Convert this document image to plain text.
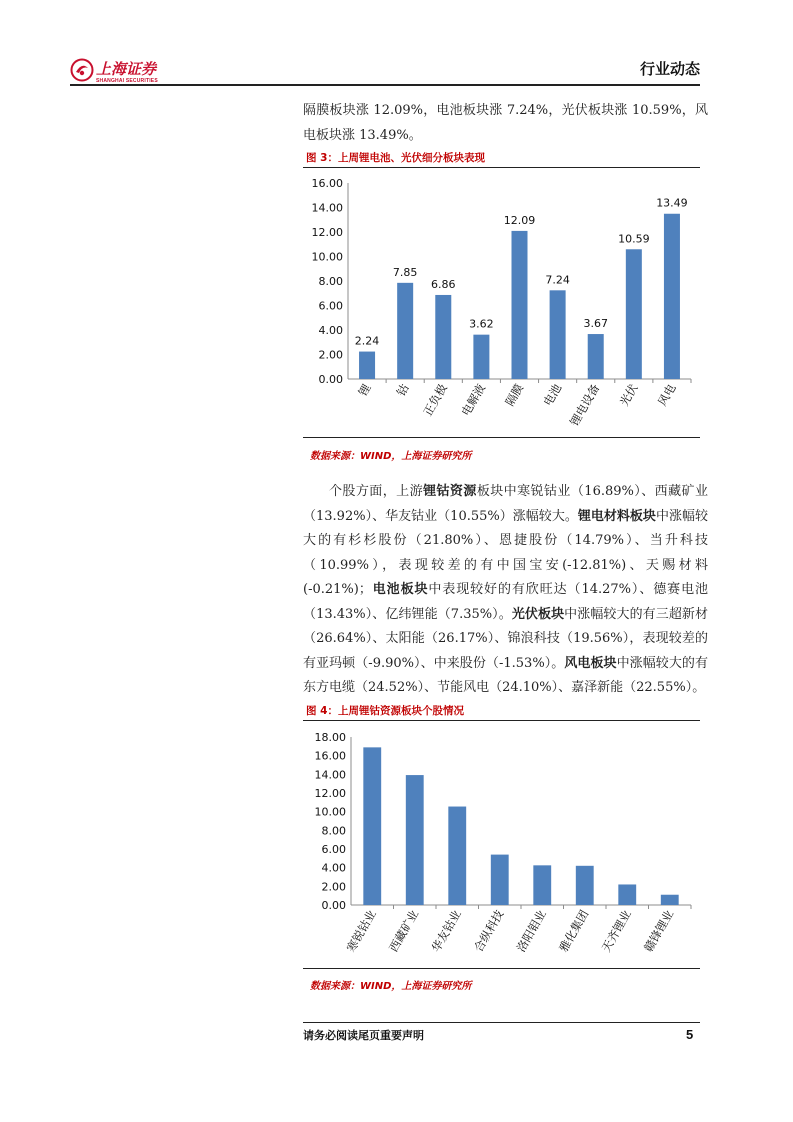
上海证券
SHANGHAI SECURITIES
行业动态
隔膜板块涨 12.09%，电池板块涨 7.24%，光伏板块涨 10.59%，风电板块涨 13.49%。
图 3：上周锂电池、光伏细分板块表现
0.00
2.00
4.00
6.00
8.00
10.00
12.00
14.00
16.00
2.24
锂
7.85
钴
6.86
正负极
3.62
电解液
12.09
隔膜
7.24
电池
3.67
锂电设备
10.59
光伏
13.49
风电
数据来源：WIND，上海证券研究所
个股方面，上游锂钴资源板块中寒锐钴业（16.89%）、西藏矿业（13.92%）、华友钴业（10.55%）涨幅较大。锂电材料板块中涨幅较大的有杉杉股份（21.80%）、恩捷股份（14.79%）、当升科技（10.99%），表现较差的有中国宝安(-12.81%)、天赐材料(-0.21%)；电池板块中表现较好的有欣旺达（14.27%）、德赛电池（13.43%）、亿纬锂能（7.35%）。光伏板块中涨幅较大的有三超新材（26.64%）、太阳能（26.17%）、锦浪科技（19.56%），表现较差的有亚玛顿（-9.90%）、中来股份（-1.53%）。风电板块中涨幅较大的有东方电缆（24.52%）、节能风电（24.10%）、嘉泽新能（22.55%）。
图 4：上周锂钴资源板块个股情况
0.00
2.00
4.00
6.00
8.00
10.00
12.00
14.00
16.00
18.00
寒锐钴业 西藏矿业 华友钴业 合纵科技 洛阳钼业 雅化集团 天齐锂业 赣锋锂业
数据来源：WIND，上海证券研究所
请务必阅读尾页重要声明	5
